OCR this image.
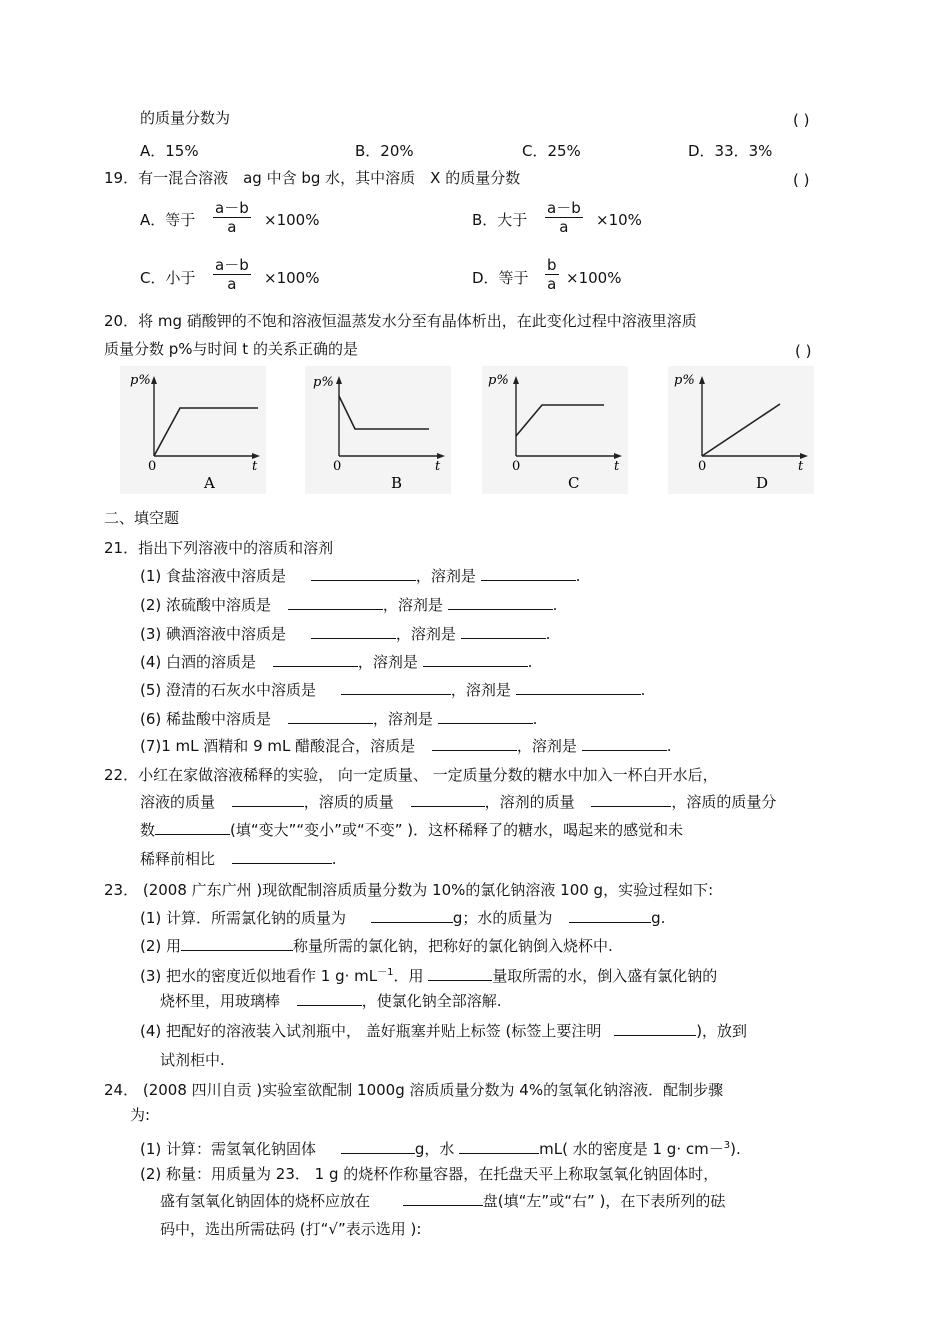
的质量分数为	( )
A．15%	B．20%	C．25%	D．33．3%
19．有一混合溶液　ag 中含 bg 水，其中溶质　X 的质量分数	( )
A．等于 $\frac{a-b}{a} \times 100\%$	B．大于 $\frac{a-b}{a} \times 10\%$
C．小于 $\frac{a-b}{a} \times 100\%$	D．等于 $\frac{b}{a} \times 100\%$
20．将 mg 硝酸钾的不饱和溶液恒温蒸发水分至有晶体析出，在此变化过程中溶液里溶质
质量分数 p%与时间 t 的关系正确的是	( )
p%
0	t
A
p%
0	t
B
p%
0	t
C
p%
0	t
D
二、填空题
21．指出下列溶液中的溶质和溶剂
(1) 食盐溶液中溶质是	，溶剂是	.
(2) 浓硫酸中溶质是	，溶剂是	.
(3) 碘酒溶液中溶质是	，溶剂是	.
(4) 白酒的溶质是	，溶剂是	.
(5) 澄清的石灰水中溶质是	，溶剂是	.
(6) 稀盐酸中溶质是	，溶剂是	.
(7)1 mL 酒精和 9 mL 醋酸混合，溶质是	，溶剂是	.
22．小红在家做溶液稀释的实验， 向一定质量、 一定质量分数的糖水中加入一杯白开水后，
溶液的质量	，溶质的质量	，溶剂的质量	，溶质的质量分
数	(填“变大”“变小”或“不变” )．这杯稀释了的糖水，喝起来的感觉和未
稀释前相比	.
23． (2008 广东广州 )现欲配制溶质质量分数为 10%的氯化钠溶液 100 g，实验过程如下:
(1) 计算．所需氯化钠的质量为	g；水的质量为	g.
(2) 用	称量所需的氯化钠，把称好的氯化钠倒入烧杯中.
(3) 把水的密度近似地看作 1 $g\cdot mL^{-1}$．用	量取所需的水，倒入盛有氯化钠的
烧杯里，用玻璃棒	，使氯化钠全部溶解.
(4) 把配好的溶液装入试剂瓶中， 盖好瓶塞并贴上标签 (标签上要注明	)，放到
试剂柜中.
24． (2008 四川自贡 )实验室欲配制 1000g 溶质质量分数为 4%的氢氧化钠溶液．配制步骤
为:
(1) 计算：需氢氧化钠固体	g，水	mL( 水的密度是 1 g· cm－$^3$).
(2) 称量：用质量为 23． 1 g 的烧杯作称量容器，在托盘天平上称取氢氧化钠固体时，
盛有氢氧化钠固体的烧杯应放在	盘(填“左”或“右” )，在下表所列的砝
码中，选出所需砝码 (打“√”表示选用 ):
